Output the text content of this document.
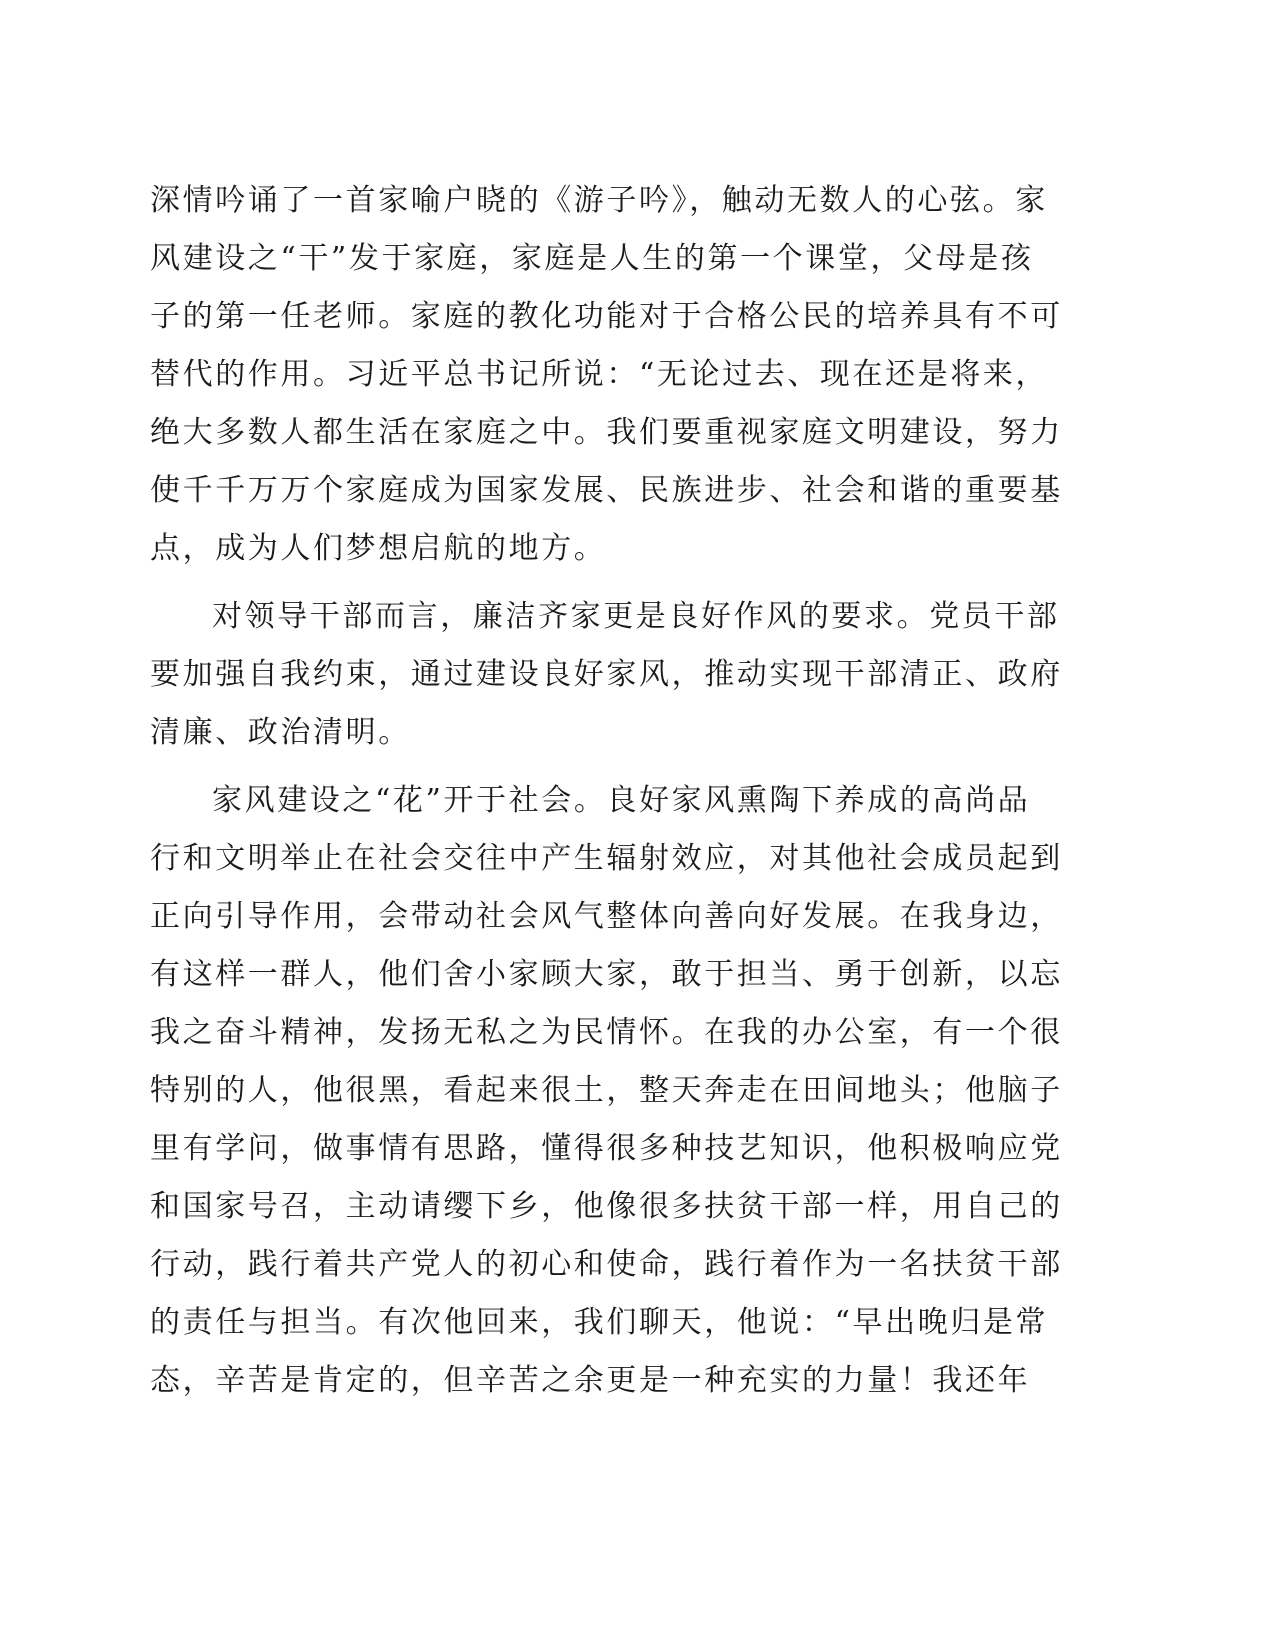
深情吟诵了一首家喻户晓的《游子吟》，触动无数人的心弦。家
风建设之“干”发于家庭，家庭是人生的第一个课堂，父母是孩
子的第一任老师。家庭的教化功能对于合格公民的培养具有不可
替代的作用。习近平总书记所说：“无论过去、现在还是将来，
绝大多数人都生活在家庭之中。我们要重视家庭文明建设，努力
使千千万万个家庭成为国家发展、民族进步、社会和谐的重要基
点，成为人们梦想启航的地方。

对领导干部而言，廉洁齐家更是良好作风的要求。党员干部
要加强自我约束，通过建设良好家风，推动实现干部清正、政府
清廉、政治清明。

家风建设之“花”开于社会。良好家风熏陶下养成的高尚品
行和文明举止在社会交往中产生辐射效应，对其他社会成员起到
正向引导作用，会带动社会风气整体向善向好发展。在我身边，
有这样一群人，他们舍小家顾大家，敢于担当、勇于创新，以忘
我之奋斗精神，发扬无私之为民情怀。在我的办公室，有一个很
特别的人，他很黑，看起来很土，整天奔走在田间地头；他脑子
里有学问，做事情有思路，懂得很多种技艺知识，他积极响应党
和国家号召，主动请缨下乡，他像很多扶贫干部一样，用自己的
行动，践行着共产党人的初心和使命，践行着作为一名扶贫干部
的责任与担当。有次他回来，我们聊天，他说：“早出晚归是常
态，辛苦是肯定的，但辛苦之余更是一种充实的力量！我还年
